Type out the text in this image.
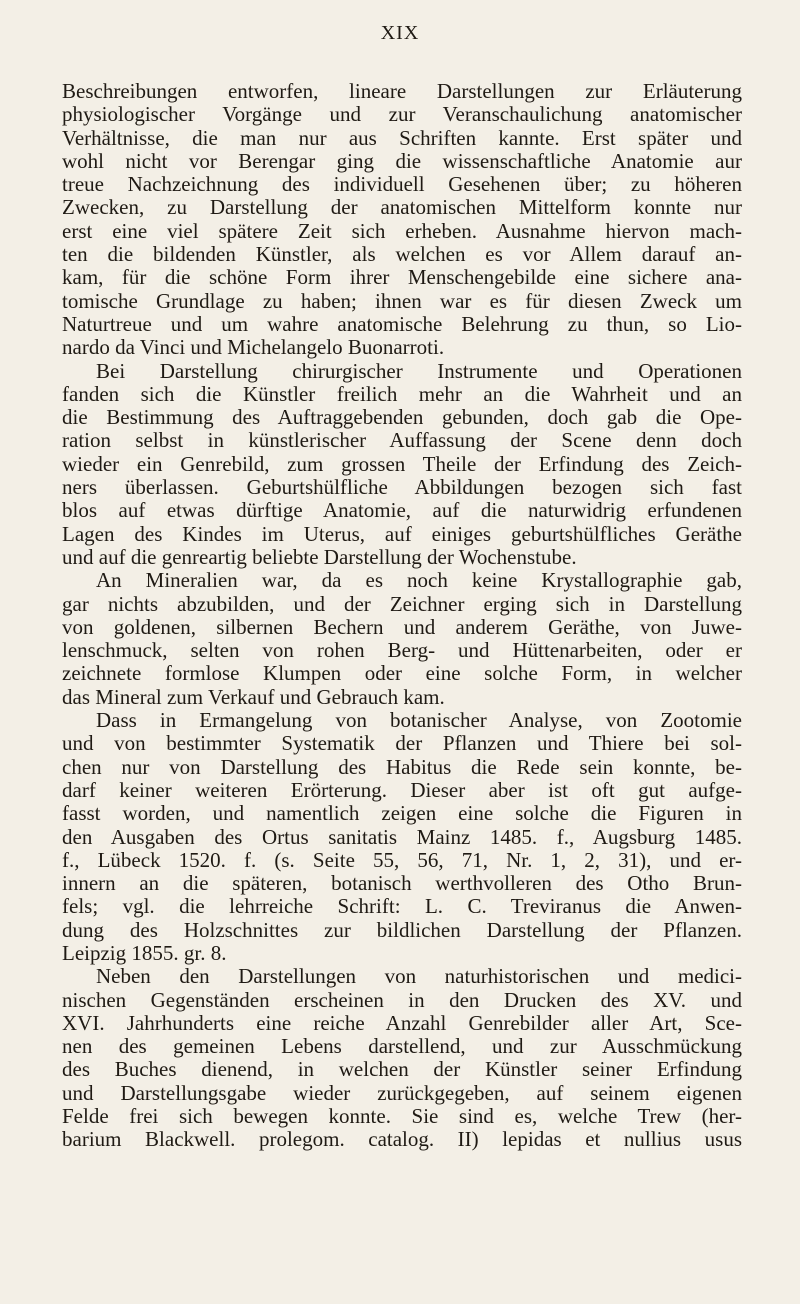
XIX
Beschreibungen entworfen, lineare Darstellungen zur Erläuterung
physiologischer Vorgänge und zur Veranschaulichung anatomischer
Verhältnisse, die man nur aus Schriften kannte. Erst später und
wohl nicht vor Berengar ging die wissenschaftliche Anatomie aur
treue Nachzeichnung des individuell Gesehenen über; zu höheren
Zwecken, zu Darstellung der anatomischen Mittelform konnte nur
erst eine viel spätere Zeit sich erheben. Ausnahme hiervon mach-
ten die bildenden Künstler, als welchen es vor Allem darauf an-
kam, für die schöne Form ihrer Menschengebilde eine sichere ana-
tomische Grundlage zu haben; ihnen war es für diesen Zweck um
Naturtreue und um wahre anatomische Belehrung zu thun, so Lio-
nardo da Vinci und Michelangelo Buonarroti.
Bei Darstellung chirurgischer Instrumente und Operationen
fanden sich die Künstler freilich mehr an die Wahrheit und an
die Bestimmung des Auftraggebenden gebunden, doch gab die Ope-
ration selbst in künstlerischer Auffassung der Scene denn doch
wieder ein Genrebild, zum grossen Theile der Erfindung des Zeich-
ners überlassen. Geburtshülfliche Abbildungen bezogen sich fast
blos auf etwas dürftige Anatomie, auf die naturwidrig erfundenen
Lagen des Kindes im Uterus, auf einiges geburtshülfliches Geräthe
und auf die genreartig beliebte Darstellung der Wochenstube.
An Mineralien war, da es noch keine Krystallographie gab,
gar nichts abzubilden, und der Zeichner erging sich in Darstellung
von goldenen, silbernen Bechern und anderem Geräthe, von Juwe-
lenschmuck, selten von rohen Berg- und Hüttenarbeiten, oder er
zeichnete formlose Klumpen oder eine solche Form, in welcher
das Mineral zum Verkauf und Gebrauch kam.
Dass in Ermangelung von botanischer Analyse, von Zootomie
und von bestimmter Systematik der Pflanzen und Thiere bei sol-
chen nur von Darstellung des Habitus die Rede sein konnte, be-
darf keiner weiteren Erörterung. Dieser aber ist oft gut aufge-
fasst worden, und namentlich zeigen eine solche die Figuren in
den Ausgaben des Ortus sanitatis Mainz 1485. f., Augsburg 1485.
f., Lübeck 1520. f. (s. Seite 55, 56, 71, Nr. 1, 2, 31), und er-
innern an die späteren, botanisch werthvolleren des Otho Brun-
fels; vgl. die lehrreiche Schrift: L. C. Treviranus die Anwen-
dung des Holzschnittes zur bildlichen Darstellung der Pflanzen.
Leipzig 1855. gr. 8.
Neben den Darstellungen von naturhistorischen und medici-
nischen Gegenständen erscheinen in den Drucken des XV. und
XVI. Jahrhunderts eine reiche Anzahl Genrebilder aller Art, Sce-
nen des gemeinen Lebens darstellend, und zur Ausschmückung
des Buches dienend, in welchen der Künstler seiner Erfindung
und Darstellungsgabe wieder zurückgegeben, auf seinem eigenen
Felde frei sich bewegen konnte. Sie sind es, welche Trew (her-
barium Blackwell. prolegom. catalog. II) lepidas et nullius usus
